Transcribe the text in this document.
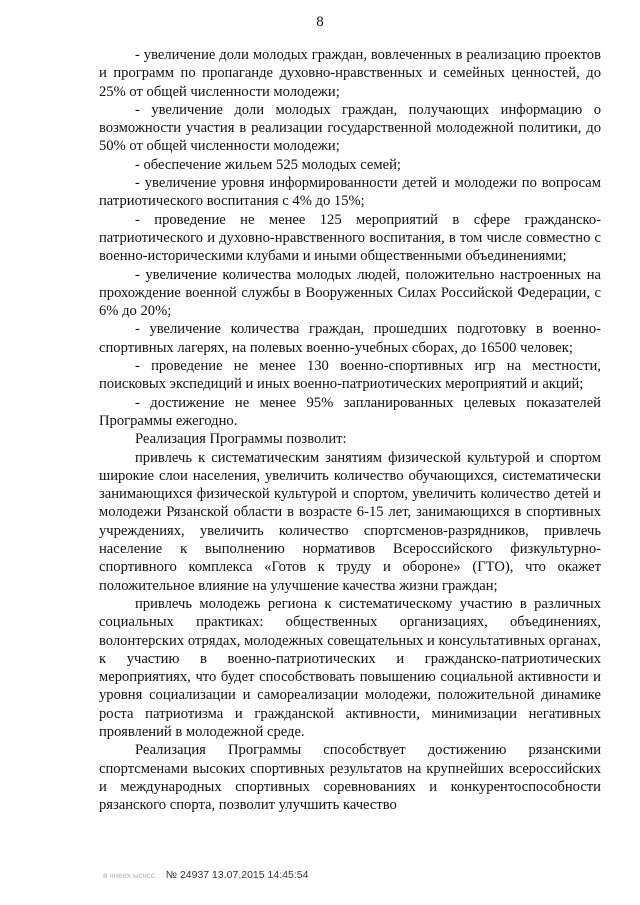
8

- увеличение доли молодых граждан, вовлеченных в реализацию проектов и программ по пропаганде духовно-нравственных и семейных ценностей, до 25% от общей численности молодежи;

- увеличение доли молодых граждан, получающих информацию о возможности участия в реализации государственной молодежной политики, до 50% от общей численности молодежи;

- обеспечение жильем 525 молодых семей;

- увеличение уровня информированности детей и молодежи по вопросам патриотического воспитания с 4% до 15%;

- проведение не менее 125 мероприятий в сфере гражданско-патриотического и духовно-нравственного воспитания, в том числе совместно с военно-историческими клубами и иными общественными объединениями;

- увеличение количества молодых людей, положительно настроенных на прохождение военной службы в Вооруженных Силах Российской Федерации, с 6% до 20%;

- увеличение количества граждан, прошедших подготовку в военно-спортивных лагерях, на полевых военно-учебных сборах, до 16500 человек;

- проведение не менее 130 военно-спортивных игр на местности, поисковых экспедиций и иных военно-патриотических мероприятий и акций;

- достижение не менее 95% запланированных целевых показателей Программы ежегодно.

Реализация Программы позволит:

привлечь к систематическим занятиям физической культурой и спортом широкие слои населения, увеличить количество обучающихся, систематически занимающихся физической культурой и спортом, увеличить количество детей и молодежи Рязанской области в возрасте 6-15 лет, занимающихся в спортивных учреждениях, увеличить количество спортсменов-разрядников, привлечь население к выполнению нормативов Всероссийского физкультурно-спортивного комплекса «Готов к труду и обороне» (ГТО), что окажет положительное влияние на улучшение качества жизни граждан;

привлечь молодежь региона к систематическому участию в различных социальных практиках: общественных организациях, объединениях, волонтерских отрядах, молодежных совещательных и консультативных органах, к участию в военно-патриотических и гражданско-патриотических мероприятиях, что будет способствовать повышению социальной активности и уровня социализации и самореализации молодежи, положительной динамике роста патриотизма и гражданской активности, минимизации негативных проявлений в молодежной среде.

Реализация Программы способствует достижению рязанскими спортсменами высоких спортивных результатов на крупнейших всероссийских и международных спортивных соревнованиях и конкурентоспособности рязанского спорта, позволит улучшить качество

в чнеех ысчсс № 24937 13.07.2015 14:45:54
